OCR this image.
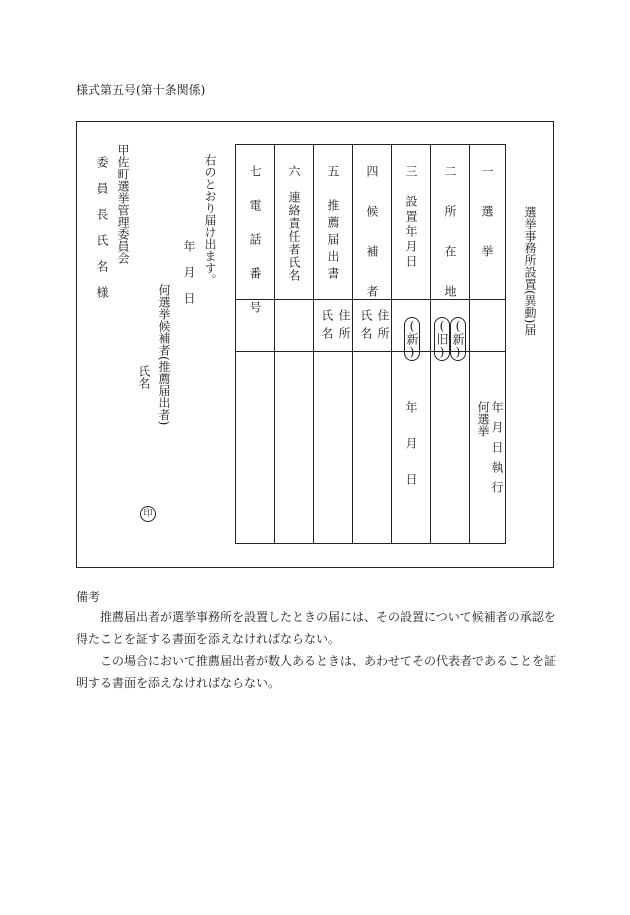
様式第五号(第十条関係)
選挙事務所設置(異動)届
一　選　挙
何選挙 年月日執行
二　所　在　地
(新)
(旧)
三　設置年月日
(新)
年月日
四　候　補　者
住所
氏名
五　推薦届出書
住所
氏名
六　連絡責任者氏名
七　電　話　番　号
右のとおり届け出ます。
年月日
何選挙候補者(推薦届出者)
氏名
印
甲佐町選挙管理委員会
委員長氏名様
備考
推薦届出者が選挙事務所を設置したときの届には、その設置について候補者の承認を得たことを証する書面を添えなければならない。
この場合において推薦届出者が数人あるときは、あわせてその代表者であることを証明する書面を添えなければならない。
